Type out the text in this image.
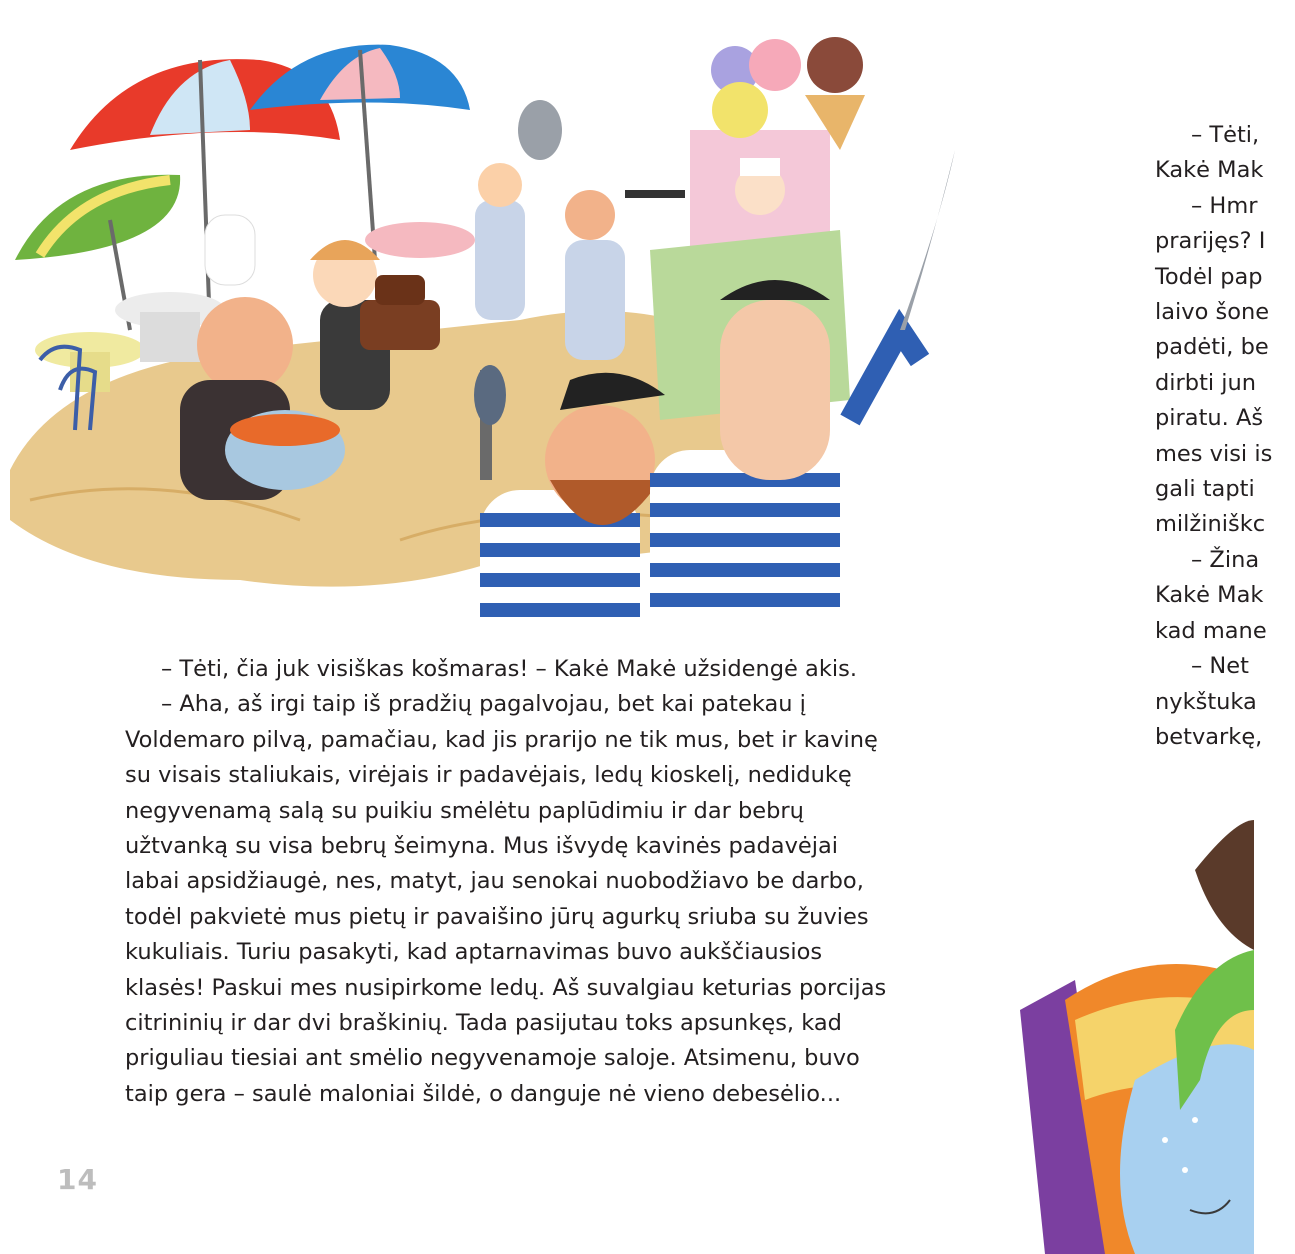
– Tėti, čia juk visiškas košmaras! – Kakė Makė užsidengė akis.

– Aha, aš irgi taip iš pradžių pagalvojau, bet kai patekau į

Voldemaro pilvą, pamačiau, kad jis prarijo ne tik mus, bet ir kavinę

su visais staliukais, virėjais ir padavėjais, ledų kioskelį, nedidukę

negyvenamą salą su puikiu smėlėtu paplūdimiu ir dar bebrų

užtvanką su visa bebrų šeimyna. Mus išvydę kavinės padavėjai

labai apsidžiaugė, nes, matyt, jau senokai nuobodžiavo be darbo,

todėl pakvietė mus pietų ir pavaišino jūrų agurkų sriuba su žuvies

kukuliais. Turiu pasakyti, kad aptarnavimas buvo aukščiausios

klasės! Paskui mes nusipirkome ledų. Aš suvalgiau keturias porcijas

citrininių ir dar dvi braškinių. Tada pasijutau toks apsunkęs, kad

priguliau tiesiai ant smėlio negyvenamoje saloje. Atsimenu, buvo

taip gera – saulė maloniai šildė, o danguje nė vieno debesėlio...

14

– Tėti,

Kakė Mak

– Hmr

prarijęs? I

Todėl pap

laivo šone

padėti, be

dirbti jun

piratu. Aš

mes visi is

gali tapti

milžiniškc

– Žina

Kakė Mak

kad mane

– Net

nykštuka

betvarkę,
